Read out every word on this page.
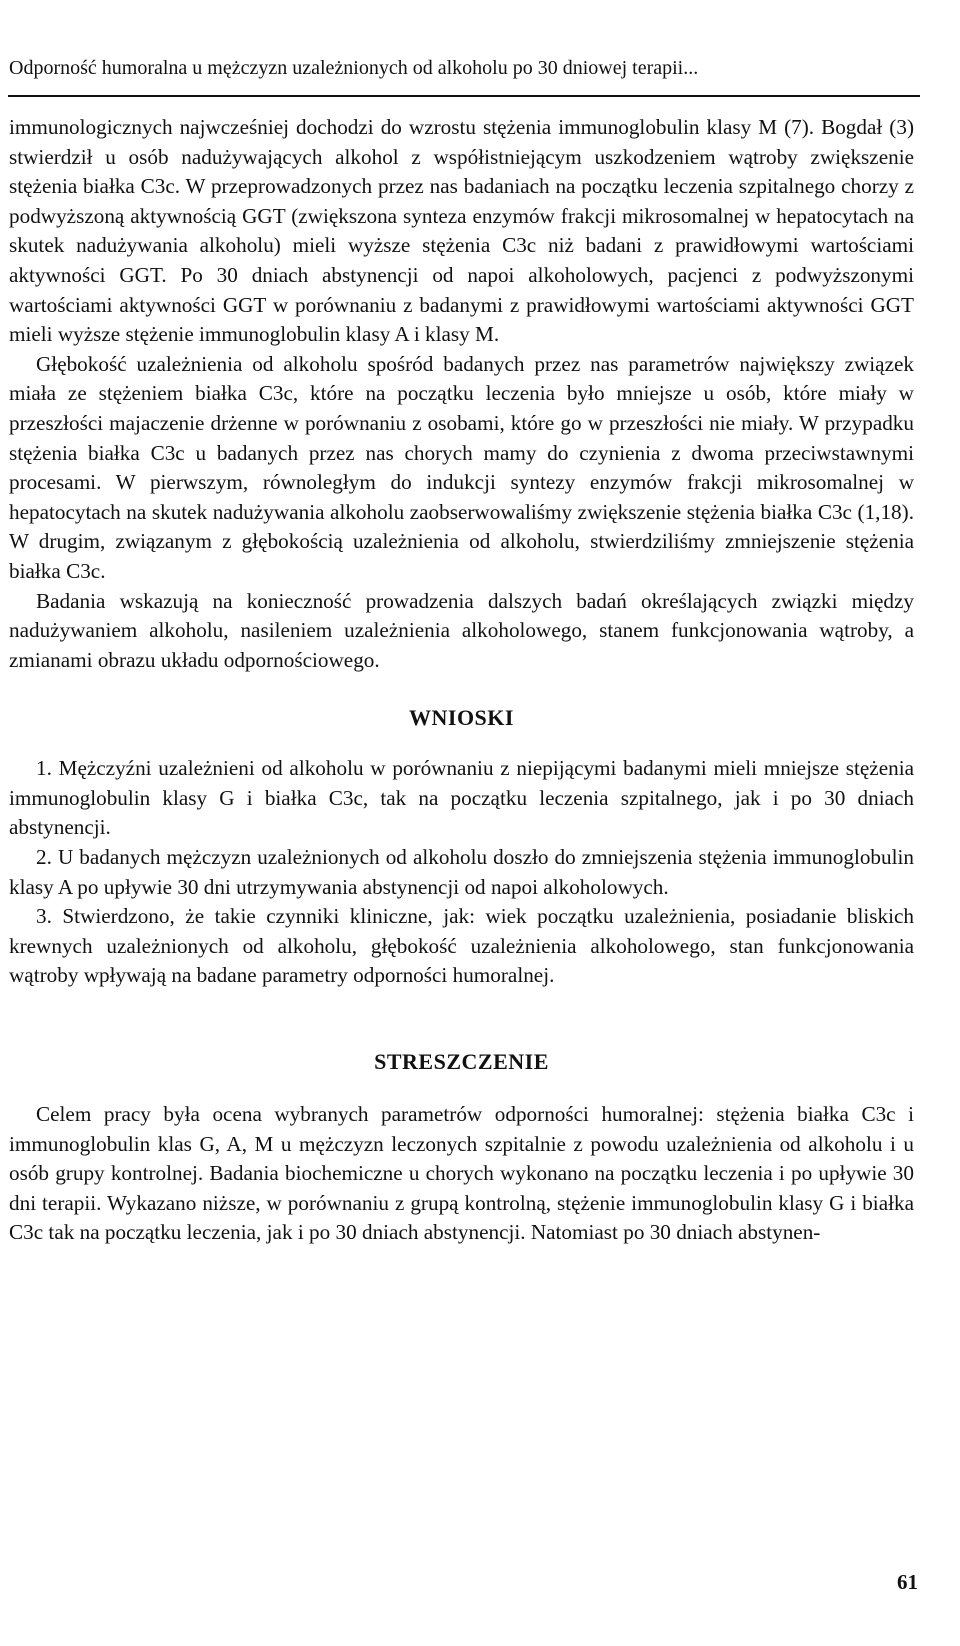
Odporność humoralna u mężczyzn uzależnionych od alkoholu po 30 dniowej terapii...

immunologicznych najwcześniej dochodzi do wzrostu stężenia immunoglobulin klasy M (7). Bogdał (3) stwierdził u osób nadużywających alkohol z współistniejącym uszkodzeniem wątroby zwiększenie stężenia białka C3c. W przeprowadzonych przez nas badaniach na początku leczenia szpitalnego chorzy z podwyższoną aktywnością GGT (zwiększona synteza enzymów frakcji mikrosomalnej w hepatocytach na skutek nadużywania alkoholu) mieli wyższe stężenia C3c niż badani z prawidłowymi wartościami aktywności GGT. Po 30 dniach abstynencji od napoi alkoholowych, pacjenci z podwyższonymi wartościami aktywności GGT w porównaniu z badanymi z prawidłowymi wartościami aktywności GGT mieli wyższe stężenie immunoglobulin klasy A i klasy M.

Głębokość uzależnienia od alkoholu spośród badanych przez nas parametrów największy związek miała ze stężeniem białka C3c, które na początku leczenia było mniejsze u osób, które miały w przeszłości majaczenie drżenne w porównaniu z osobami, które go w przeszłości nie miały. W przypadku stężenia białka C3c u badanych przez nas chorych mamy do czynienia z dwoma przeciwstawnymi procesami. W pierwszym, równoległym do indukcji syntezy enzymów frakcji mikrosomalnej w hepatocytach na skutek nadużywania alkoholu zaobserwowaliśmy zwiększenie stężenia białka C3c (1,18). W drugim, związanym z głębokością uzależnienia od alkoholu, stwierdziliśmy zmniejszenie stężenia białka C3c.

Badania wskazują na konieczność prowadzenia dalszych badań określających związki między nadużywaniem alkoholu, nasileniem uzależnienia alkoholowego, stanem funkcjonowania wątroby, a zmianami obrazu układu odpornościowego.

WNIOSKI

1. Mężczyźni uzależnieni od alkoholu w porównaniu z niepijącymi badanymi mieli mniejsze stężenia immunoglobulin klasy G i białka C3c, tak na początku leczenia szpitalnego, jak i po 30 dniach abstynencji.

2. U badanych mężczyzn uzależnionych od alkoholu doszło do zmniejszenia stężenia immunoglobulin klasy A po upływie 30 dni utrzymywania abstynencji od napoi alkoholowych.

3. Stwierdzono, że takie czynniki kliniczne, jak: wiek początku uzależnienia, posiadanie bliskich krewnych uzależnionych od alkoholu, głębokość uzależnienia alkoholowego, stan funkcjonowania wątroby wpływają na badane parametry odporności humoralnej.

STRESZCZENIE

Celem pracy była ocena wybranych parametrów odporności humoralnej: stężenia białka C3c i immunoglobulin klas G, A, M u mężczyzn leczonych szpitalnie z powodu uzależnienia od alkoholu i u osób grupy kontrolnej. Badania biochemiczne u chorych wykonano na początku leczenia i po upływie 30 dni terapii. Wykazano niższe, w porównaniu z grupą kontrolną, stężenie immunoglobulin klasy G i białka C3c tak na początku leczenia, jak i po 30 dniach abstynencji. Natomiast po 30 dniach abstynen-

61
